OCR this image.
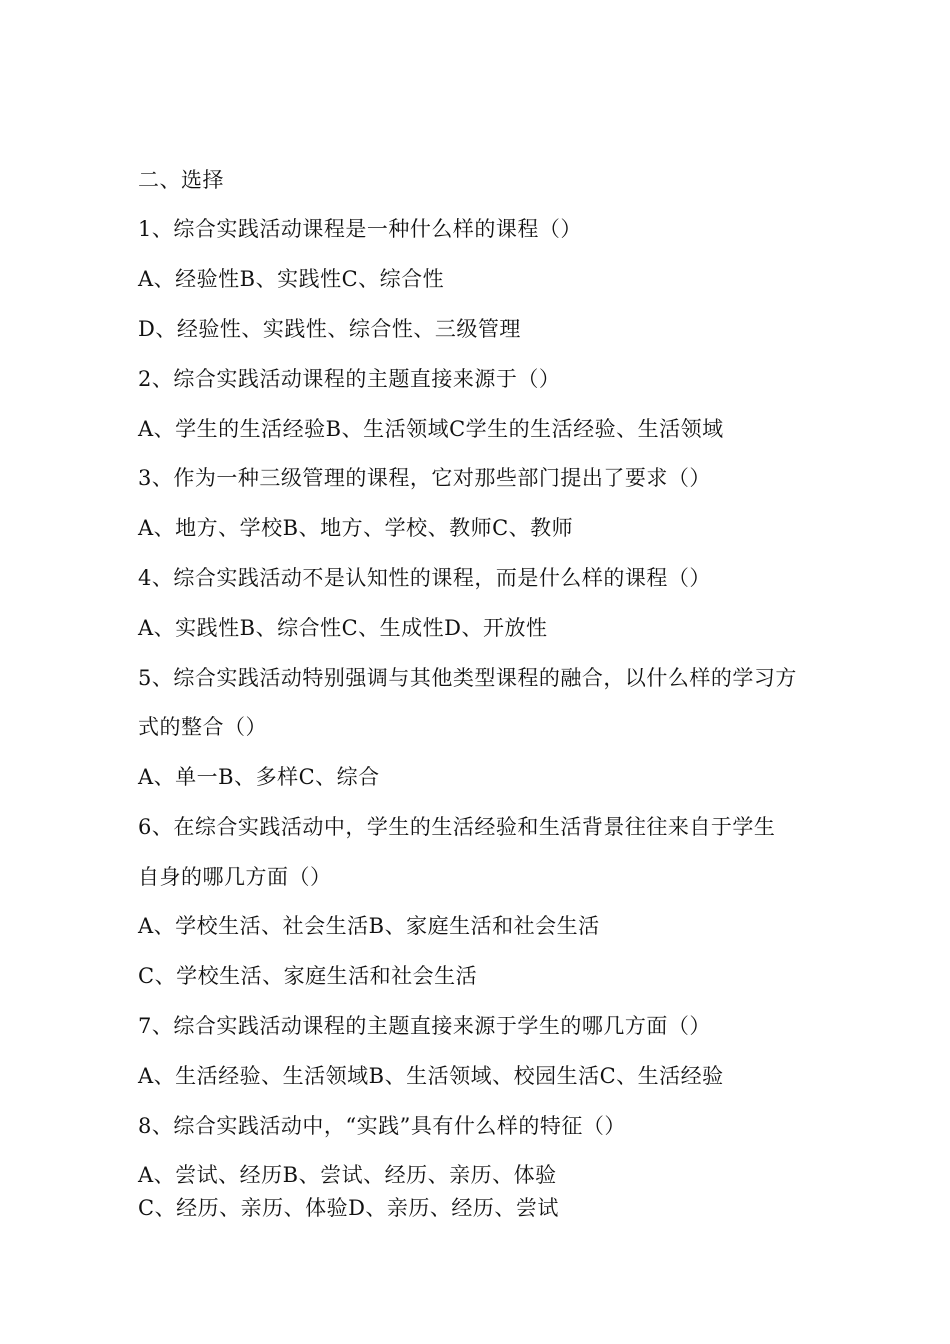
二、选择
1、综合实践活动课程是一种什么样的课程（）
A、经验性B、实践性C、综合性
D、经验性、实践性、综合性、三级管理
2、综合实践活动课程的主题直接来源于（）
A、学生的生活经验B、生活领域C学生的生活经验、生活领域
3、作为一种三级管理的课程，它对那些部门提出了要求（）
A、地方、学校B、地方、学校、教师C、教师
4、综合实践活动不是认知性的课程，而是什么样的课程（）
A、实践性B、综合性C、生成性D、开放性
5、综合实践活动特别强调与其他类型课程的融合，以什么样的学习方
式的整合（）
A、单一B、多样C、综合
6、在综合实践活动中，学生的生活经验和生活背景往往来自于学生
自身的哪几方面（）
A、学校生活、社会生活B、家庭生活和社会生活
C、学校生活、家庭生活和社会生活
7、综合实践活动课程的主题直接来源于学生的哪几方面（）
A、生活经验、生活领域B、生活领域、校园生活C、生活经验
8、综合实践活动中，“实践”具有什么样的特征（）
A、尝试、经历B、尝试、经历、亲历、体验
C、经历、亲历、体验D、亲历、经历、尝试
